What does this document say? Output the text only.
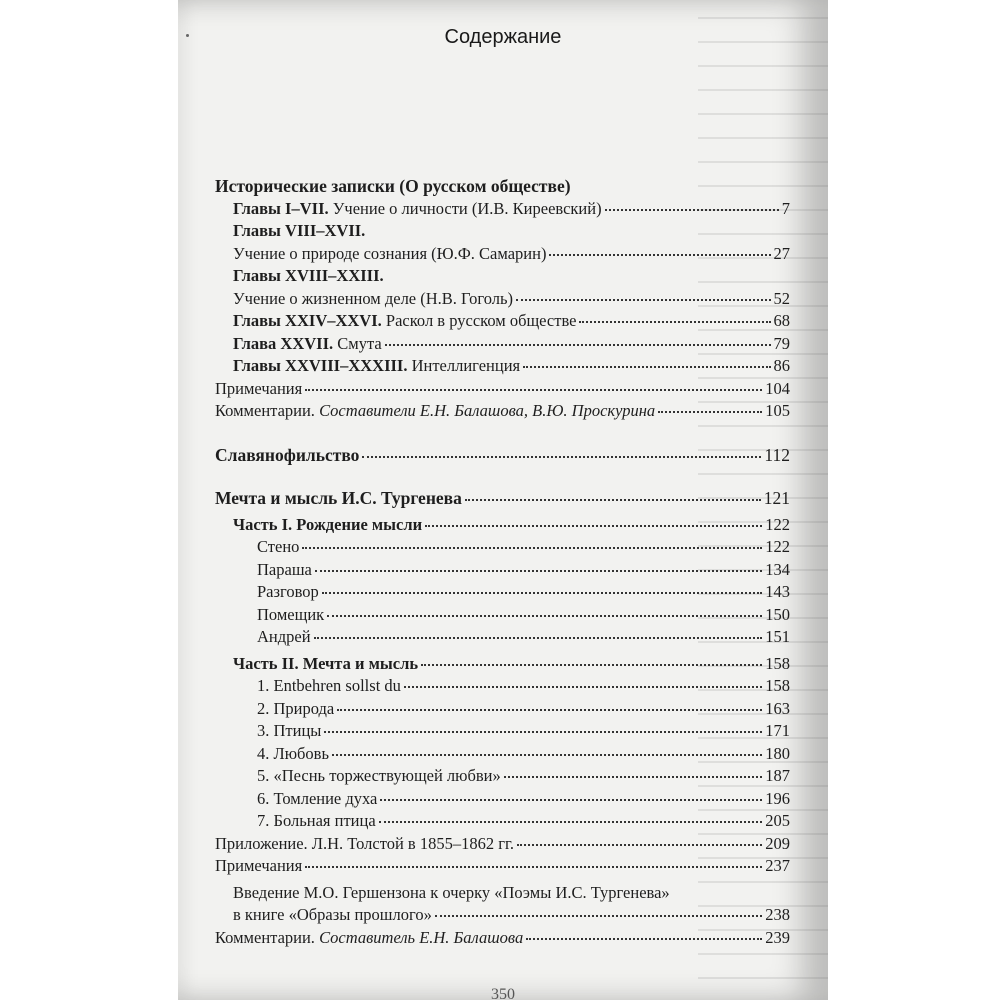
Содержание
Исторические записки (О русском обществе)
Главы I–VII. Учение о личности (И.В. Киреевский)	7
Главы VIII–XVII.
Учение о природе сознания (Ю.Ф. Самарин)	27
Главы XVIII–XXIII.
Учение о жизненном деле (Н.В. Гоголь)	52
Главы XXIV–XXVI. Раскол в русском обществе	68
Глава XXVII. Смута	79
Главы XXVIII–XXXIII. Интеллигенция	86
Примечания	104
Комментарии. Составители Е.Н. Балашова, В.Ю. Проскурина	105
Славянофильство	112
Мечта и мысль И.С. Тургенева	121
Часть I. Рождение мысли	122
Стено	122
Параша	134
Разговор	143
Помещик	150
Андрей	151
Часть II. Мечта и мысль	158
1. Entbehren sollst du	158
2. Природа	163
3. Птицы	171
4. Любовь	180
5. «Песнь торжествующей любви»	187
6. Томление духа	196
7. Больная птица	205
Приложение. Л.Н. Толстой в 1855–1862 гг.	209
Примечания	237
Введение М.О. Гершензона к очерку «Поэмы И.С. Тургенева»
в книге «Образы прошлого»	238
Комментарии. Составитель Е.Н. Балашова	239
350
